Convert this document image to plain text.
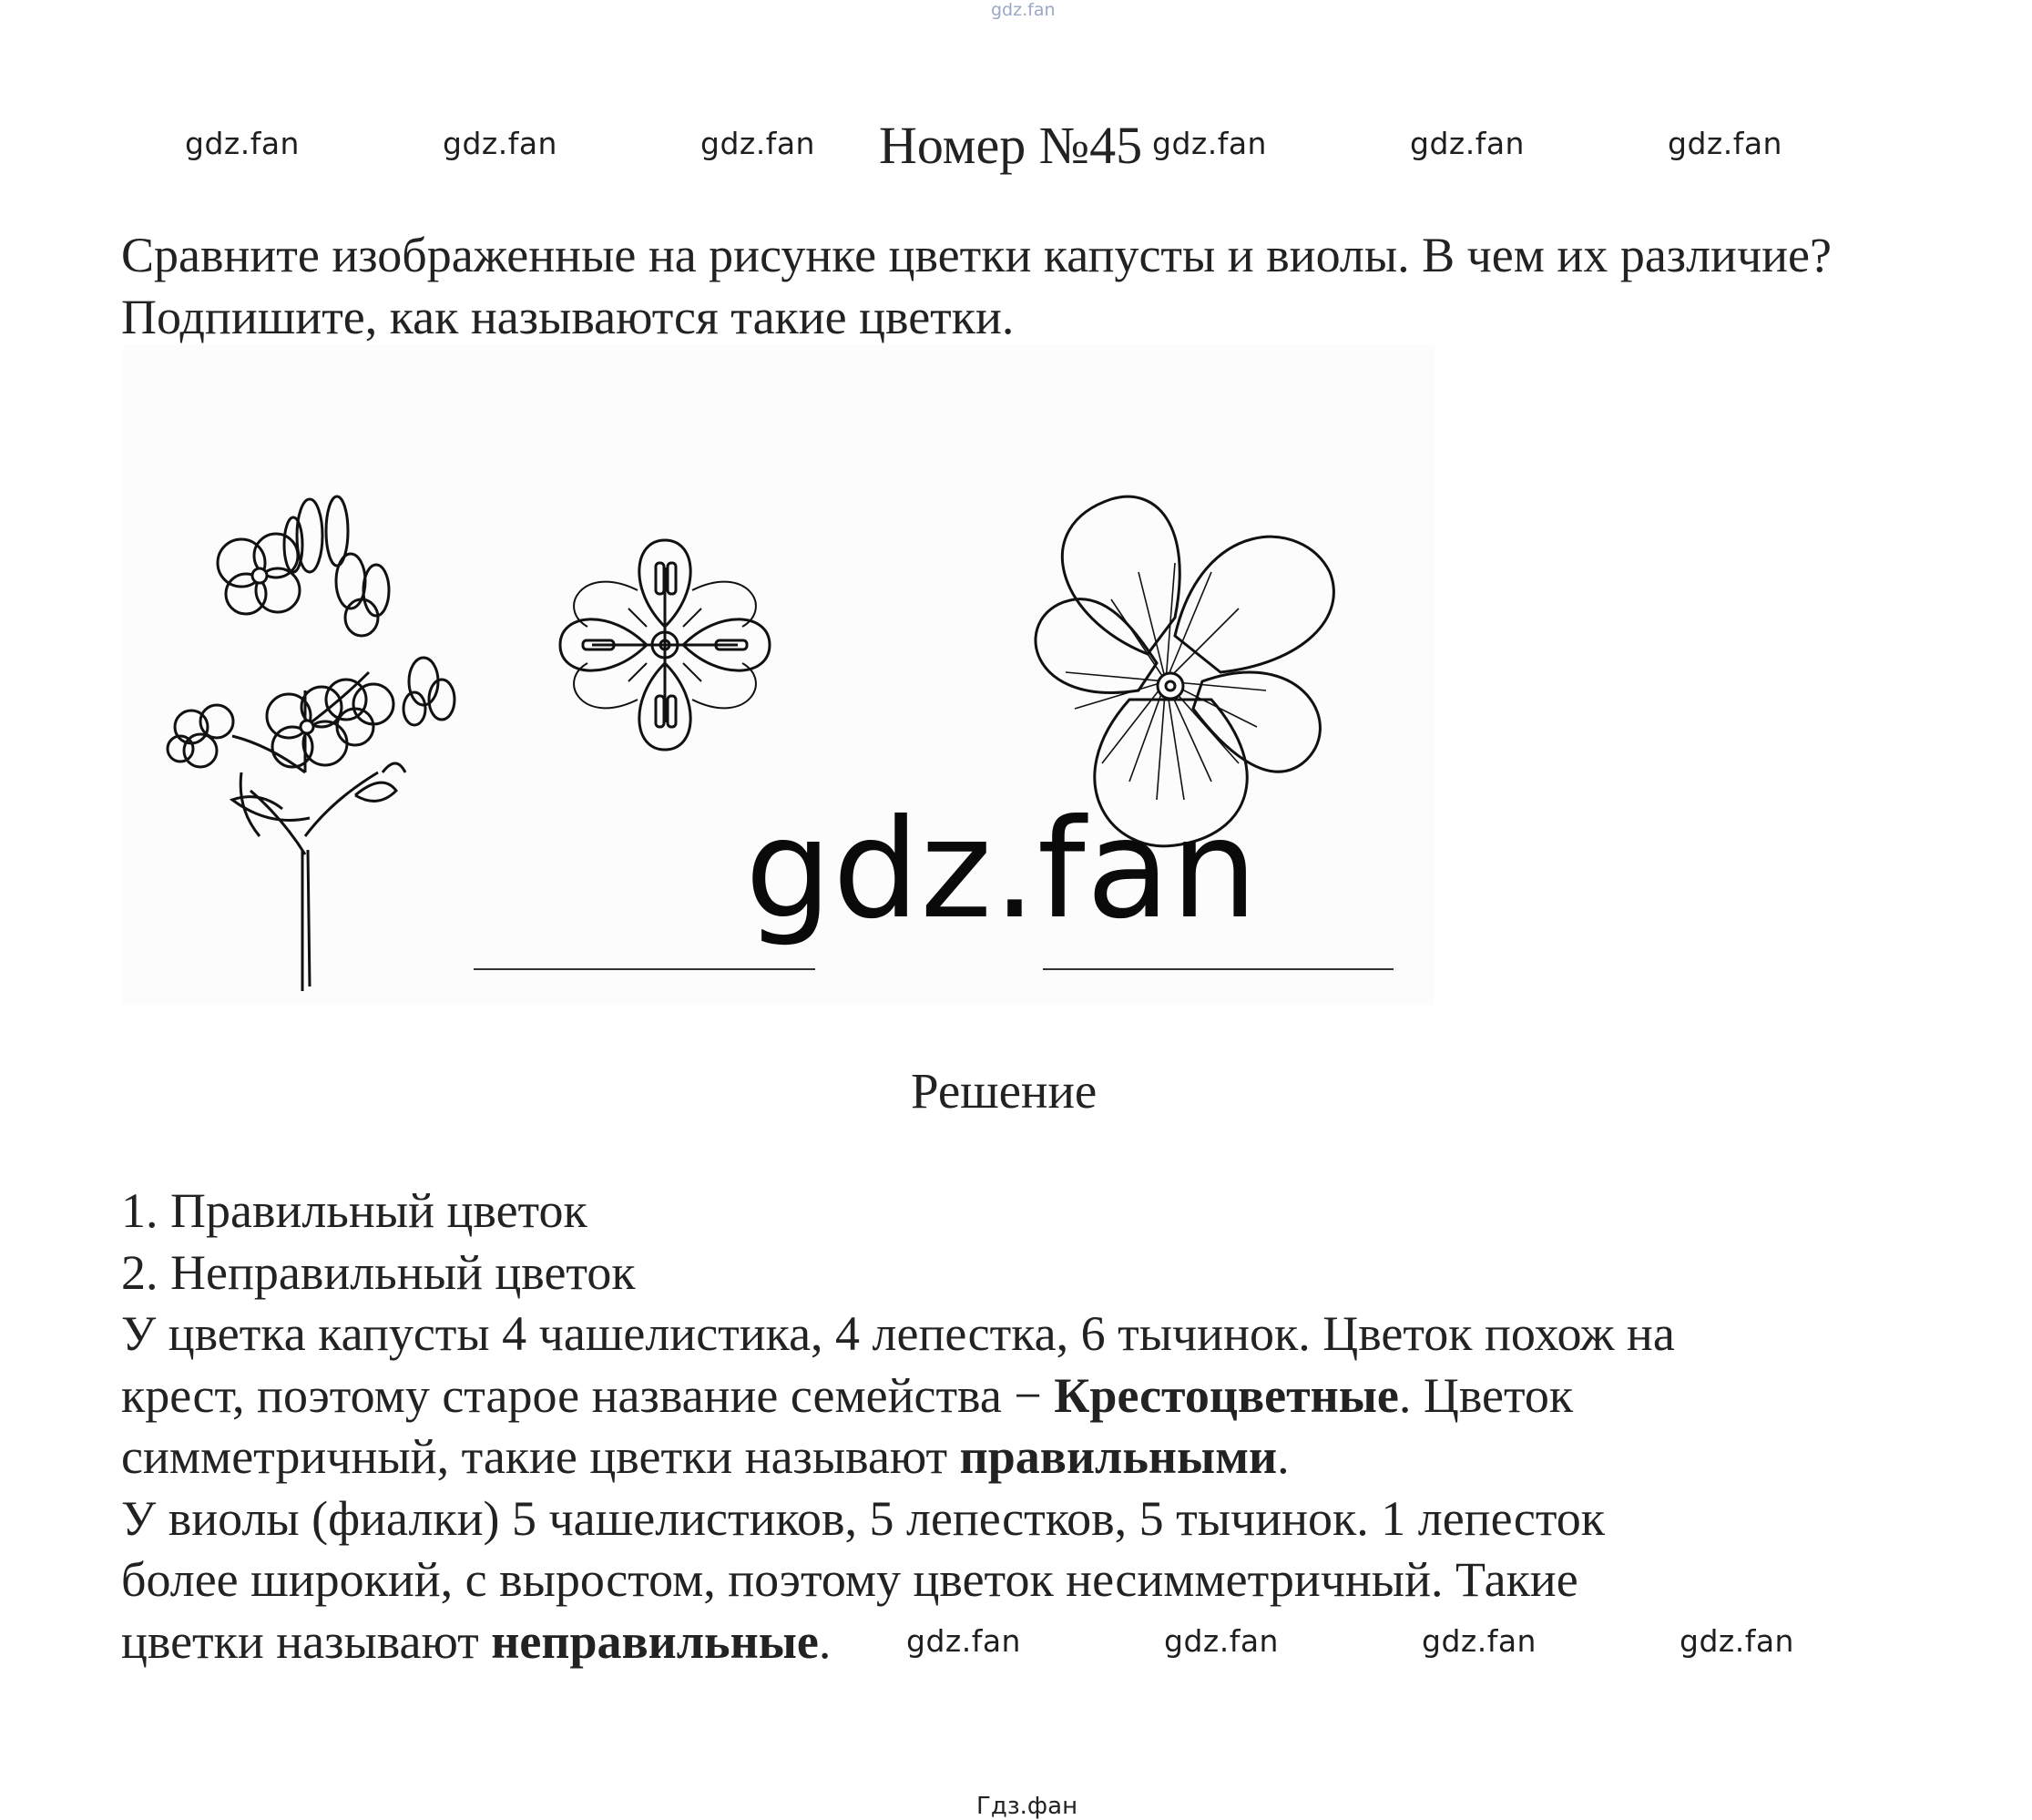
gdz.fan
gdz.fan	gdz.fan	gdz.fan	gdz.fan	gdz.fan	gdz.fan
Номер №45

Сравните изображенные на рисунке цветки капусты и виолы. В чем их различие? Подпишите, как называются такие цветки.

gdz.fan
Решение
1. Правильный цветок
2. Неправильный цветок
У цветка капусты 4 чашелистика, 4 лепестка, 6 тычинок. Цветок похож на
крест, поэтому старое название семейства − Крестоцветные. Цветок
симметричный, такие цветки называют правильными.
У виолы (фиалки) 5 чашелистиков, 5 лепестков, 5 тычинок. 1 лепесток
более широкий, с выростом, поэтому цветок несимметричный. Такие
цветки называют неправильные.	gdz.fan	gdz.fan	gdz.fan	gdz.fan
Гдз.фан
